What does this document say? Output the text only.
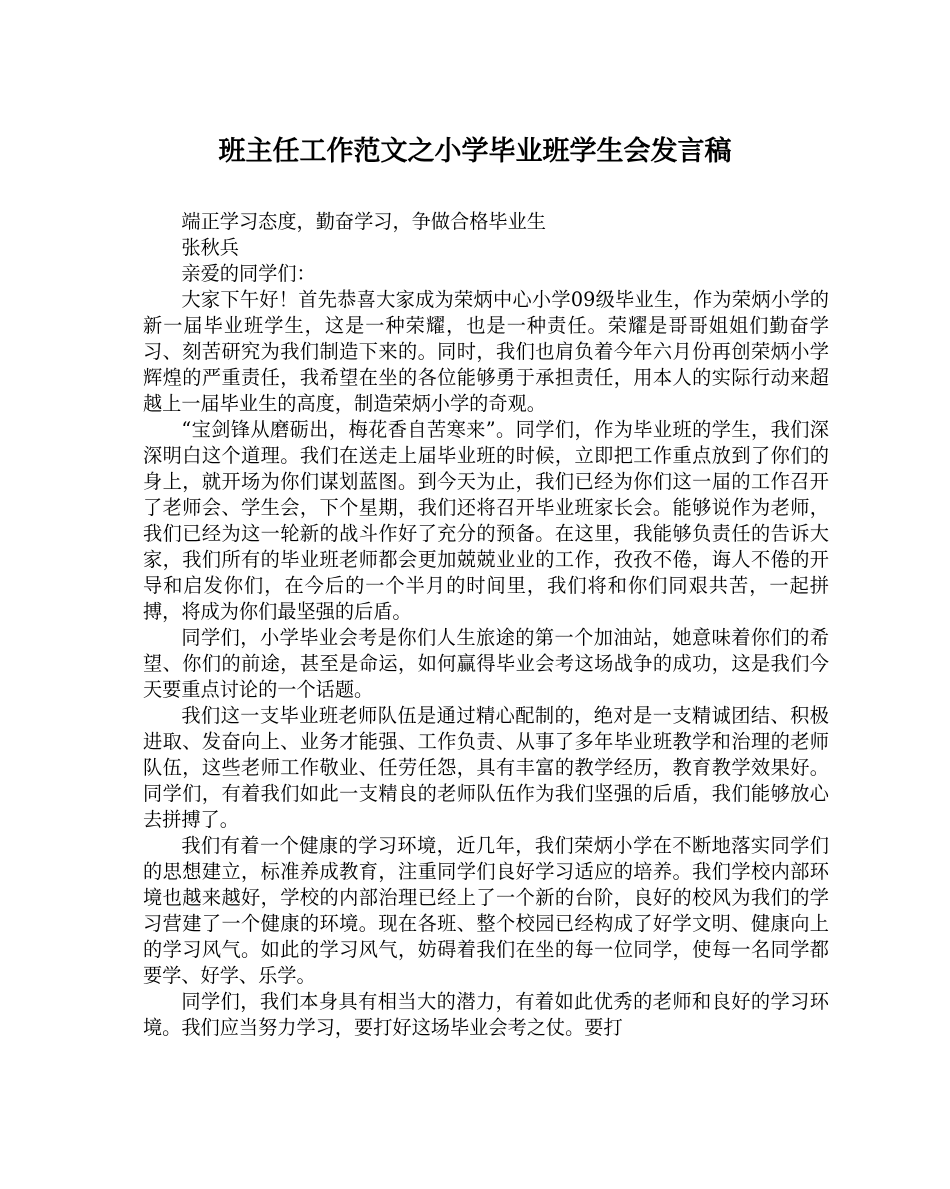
班主任工作范文之小学毕业班学生会发言稿

端正学习态度，勤奋学习，争做合格毕业生

张秋兵

亲爱的同学们：

大家下午好！首先恭喜大家成为荣炳中心小学09级毕业生，作为荣炳小学的新一届毕业班学生，这是一种荣耀，也是一种责任。荣耀是哥哥姐姐们勤奋学习、刻苦研究为我们制造下来的。同时，我们也肩负着今年六月份再创荣炳小学辉煌的严重责任，我希望在坐的各位能够勇于承担责任，用本人的实际行动来超越上一届毕业生的高度，制造荣炳小学的奇观。

“宝剑锋从磨砺出，梅花香自苦寒来”。同学们，作为毕业班的学生，我们深深明白这个道理。我们在送走上届毕业班的时候，立即把工作重点放到了你们的身上，就开场为你们谋划蓝图。到今天为止，我们已经为你们这一届的工作召开了老师会、学生会，下个星期，我们还将召开毕业班家长会。能够说作为老师，我们已经为这一轮新的战斗作好了充分的预备。在这里，我能够负责任的告诉大家，我们所有的毕业班老师都会更加兢兢业业的工作，孜孜不倦，诲人不倦的开导和启发你们，在今后的一个半月的时间里，我们将和你们同艰共苦，一起拼搏，将成为你们最坚强的后盾。

同学们，小学毕业会考是你们人生旅途的第一个加油站，她意味着你们的希望、你们的前途，甚至是命运，如何赢得毕业会考这场战争的成功，这是我们今天要重点讨论的一个话题。

我们这一支毕业班老师队伍是通过精心配制的，绝对是一支精诚团结、积极进取、发奋向上、业务才能强、工作负责、从事了多年毕业班教学和治理的老师队伍，这些老师工作敬业、任劳任怨，具有丰富的教学经历，教育教学效果好。同学们，有着我们如此一支精良的老师队伍作为我们坚强的后盾，我们能够放心去拼搏了。

我们有着一个健康的学习环境，近几年，我们荣炳小学在不断地落实同学们的思想建立，标准养成教育，注重同学们良好学习适应的培养。我们学校内部环境也越来越好，学校的内部治理已经上了一个新的台阶，良好的校风为我们的学习营建了一个健康的环境。现在各班、整个校园已经构成了好学文明、健康向上的学习风气。如此的学习风气，妨碍着我们在坐的每一位同学，使每一名同学都要学、好学、乐学。

同学们，我们本身具有相当大的潜力，有着如此优秀的老师和良好的学习环境。我们应当努力学习，要打好这场毕业会考之仗。要打
